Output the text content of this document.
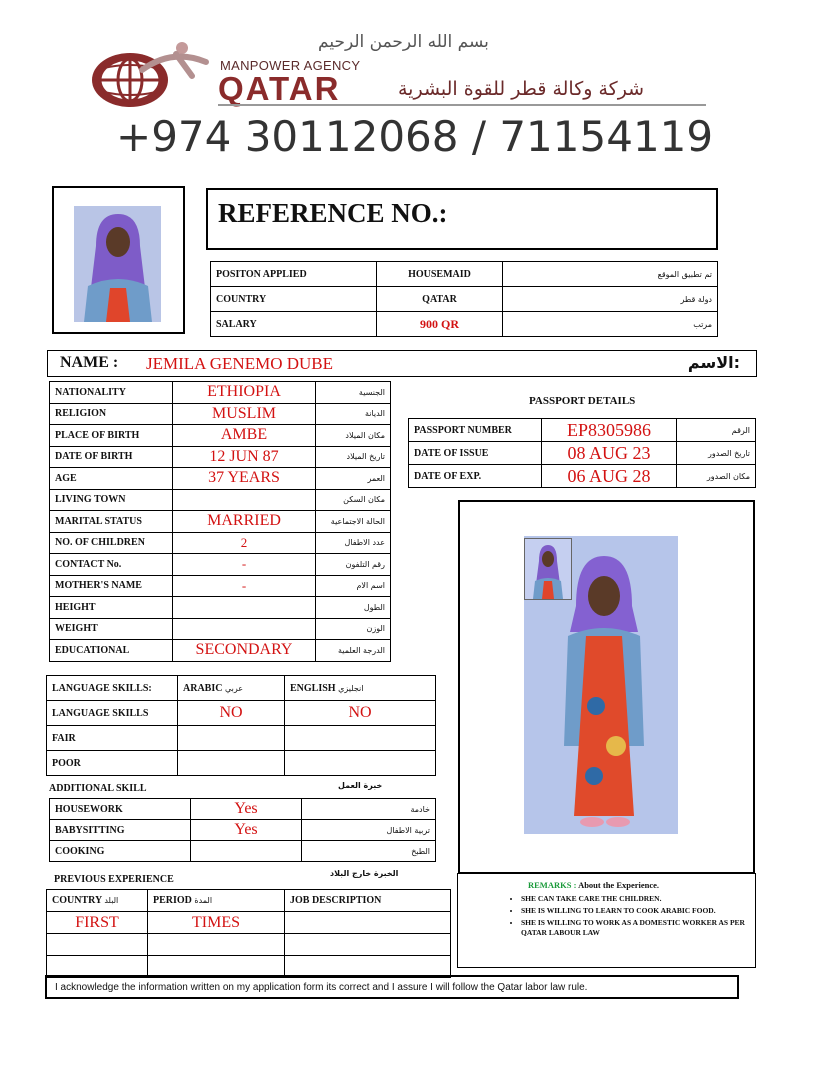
بسم الله الرحمن الرحيم
MANPOWER AGENCY
QATAR	شركة وكالة قطر للقوة البشرية
+974 30112068 / 71154119
REFERENCE NO.:
POSITON APPLIED	HOUSEMAID	تم تطبيق الموقع
COUNTRY	QATAR	دولة قطر
SALARY	900 QR	مرتب
NAME : JEMILA GENEMO DUBE	الاسم:
NATIONALITY	ETHIOPIA	الجنسية
RELIGION	MUSLIM	الديانة
PLACE OF BIRTH	AMBE	مكان الميلاد
DATE OF BIRTH	12 JUN 87	تاريخ الميلاد
AGE	37 YEARS	العمر
LIVING TOWN		مكان السكن
MARITAL STATUS	MARRIED	الحالة الاجتماعية
NO. OF CHILDREN	2	عدد الاطفال
CONTACT No.	-	رقم التلفون
MOTHER'S NAME	-	اسم الام
HEIGHT		الطول
WEIGHT		الوزن
EDUCATIONAL	SECONDARY	الدرجة العلمية
PASSPORT DETAILS
PASSPORT NUMBER	EP8305986	الرقم
DATE OF ISSUE	08 AUG 23	تاريخ الصدور
DATE OF EXP.	06 AUG 28	مكان الصدور
LANGUAGE SKILLS:	ARABIC عربي	ENGLISH انجليزي
LANGUAGE SKILLS	NO	NO
FAIR		
POOR		
ADDITIONAL SKILL	خبرة العمل
HOUSEWORK	Yes	خادمة
BABYSITTING	Yes	تربية الاطفال
COOKING		الطبخ
PREVIOUS EXPERIENCE
الخبرة خارج البلاد
COUNTRY البلد	PERIOD المدة	JOB DESCRIPTION
FIRST	TIMES	

REMARKS : About the Experience.
• SHE CAN TAKE CARE THE CHILDREN.
• SHE IS WILLING TO LEARN TO COOK ARABIC FOOD.
• SHE IS WILLING TO WORK AS A DOMESTIC WORKER AS PER QATAR LABOUR LAW
I acknowledge the information written on my application form its correct and I assure I will follow the Qatar labor law rule.
